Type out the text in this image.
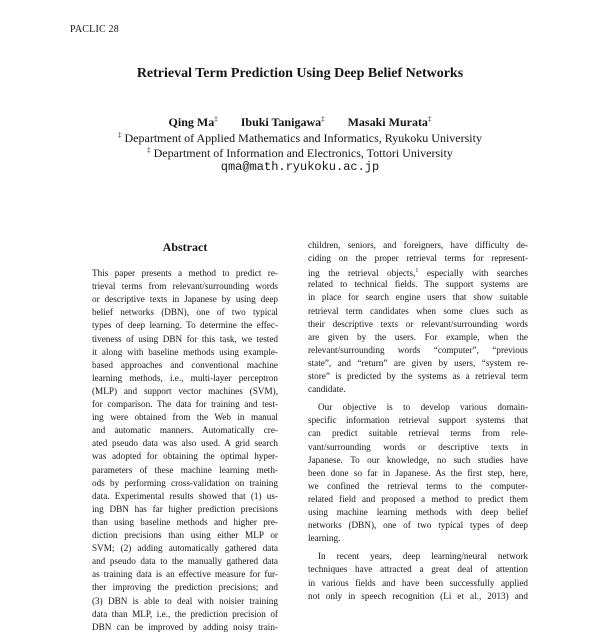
PACLIC 28
Retrieval Term Prediction Using Deep Belief Networks
Qing Ma‡ Ibuki Tanigawa‡ Masaki Murata‡
‡ Department of Applied Mathematics and Informatics, Ryukoku University
‡ Department of Information and Electronics, Tottori University
qma@math.ryukoku.ac.jp
Abstract
This paper presents a method to predict re-
trieval terms from relevant/surrounding words
or descriptive texts in Japanese by using deep
belief networks (DBN), one of two typical
types of deep learning. To determine the effec-
tiveness of using DBN for this task, we tested
it along with baseline methods using example-
based approaches and conventional machine
learning methods, i.e., multi-layer perceptron
(MLP) and support vector machines (SVM),
for comparison. The data for training and test-
ing were obtained from the Web in manual
and automatic manners. Automatically cre-
ated pseudo data was also used. A grid search
was adopted for obtaining the optimal hyper-
parameters of these machine learning meth-
ods by performing cross-validation on training
data. Experimental results showed that (1) us-
ing DBN has far higher prediction precisions
than using baseline methods and higher pre-
diction precisions than using either MLP or
SVM; (2) adding automatically gathered data
and pseudo data to the manually gathered data
as training data is an effective measure for fur-
ther improving the prediction precisions; and
(3) DBN is able to deal with noisier training
data than MLP, i.e., the prediction precision of
DBN can be improved by adding noisy train-
children, seniors, and foreigners, have difficulty de-
ciding on the proper retrieval terms for represent-
ing the retrieval objects,$^1$ especially with searches
related to technical fields. The support systems are
in place for search engine users that show suitable
retrieval term candidates when some clues such as
their descriptive texts or relevant/surrounding words
are given by the users. For example, when the
relevant/surrounding words “computer”, “previous
state”, and “return” are given by users, “system re-
store” is predicted by the systems as a retrieval term
candidate.
Our objective is to develop various domain-
specific information retrieval support systems that
can predict suitable retrieval terms from rele-
vant/surrounding words or descriptive texts in
Japanese. To our knowledge, no such studies have
been done so far in Japanese. As the first step, here,
we confined the retrieval terms to the computer-
related field and proposed a method to predict them
using machine learning methods with deep belief
networks (DBN), one of two typical types of deep
learning.
In recent years, deep learning/neural network
techniques have attracted a great deal of attention
in various fields and have been successfully applied
not only in speech recognition (Li et al., 2013) and
